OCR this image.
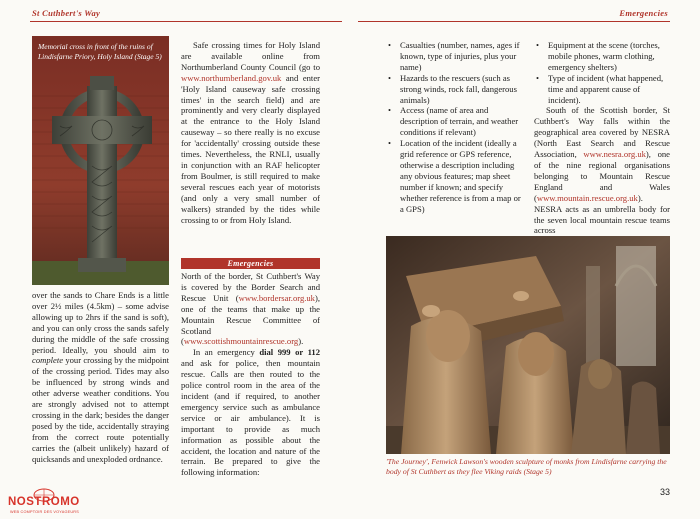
St Cuthbert's Way	Emergencies
Memorial cross in front of the ruins of Lindisfarne Priory, Holy Island (Stage 5)

over the sands to Chare Ends is a little over 2½ miles (4.5km) – some advise allowing up to 2hrs if the sand is soft), and you can only cross the sands safely during the middle of the safe crossing period. Ideally, you should aim to complete your crossing by the midpoint of the crossing period. Tides may also be influenced by strong winds and other adverse weather conditions. You are strongly advised not to attempt crossing in the dark; besides the danger posed by the tide, accidentally straying from the correct route potentially carries the (albeit unlikely) hazard of quicksands and unexploded ordnance.

Safe crossing times for Holy Island are available online from Northumberland County Council (go to www.northumberland.gov.uk and enter 'Holy Island causeway safe crossing times' in the search field) and are prominently and very clearly displayed at the entrance to the Holy Island causeway – so there really is no excuse for 'accidentally' crossing outside these times. Nevertheless, the RNLI, usually in conjunction with an RAF helicopter from Boulmer, is still required to make several rescues each year of motorists (and only a very small number of walkers) stranded by the tides while crossing to or from Holy Island.

Emergencies

North of the border, St Cuthbert's Way is covered by the Border Search and Rescue Unit (www.bordersar.org.uk), one of the teams that make up the Mountain Rescue Committee of Scotland (www.scottishmountainrescue.org).

In an emergency dial 999 or 112 and ask for police, then mountain rescue. Calls are then routed to the police control room in the area of the incident (and if required, to another emergency service such as ambulance service or air ambulance). It is important to provide as much information as possible about the accident, the location and nature of the terrain. Be prepared to give the following information:

• Casualties (number, names, ages if known, type of injuries, plus your name)
• Hazards to the rescuers (such as strong winds, rock fall, dangerous animals)
• Access (name of area and description of terrain, and weather conditions if relevant)
• Location of the incident (ideally a grid reference or GPS reference, otherwise a description including any obvious features; map sheet number if known; and specify whether reference is from a map or a GPS)
• Equipment at the scene (torches, mobile phones, warm clothing, emergency shelters)
• Type of incident (what happened, time and apparent cause of incident).

South of the Scottish border, St Cuthbert's Way falls within the geographical area covered by NESRA (North East Search and Rescue Association, www.nesra.org.uk), one of the nine regional organisations belonging to Mountain Rescue England and Wales (www.mountain.rescue.org.uk). NESRA acts as an umbrella body for the seven local mountain rescue teams across

'The Journey', Fenwick Lawson's wooden sculpture of monks from Lindisfarne carrying the body of St Cuthbert as they flee Viking raids (Stage 5)
33
NOSTROMO
WEB COMPTOIR DES VOYAGEURS
